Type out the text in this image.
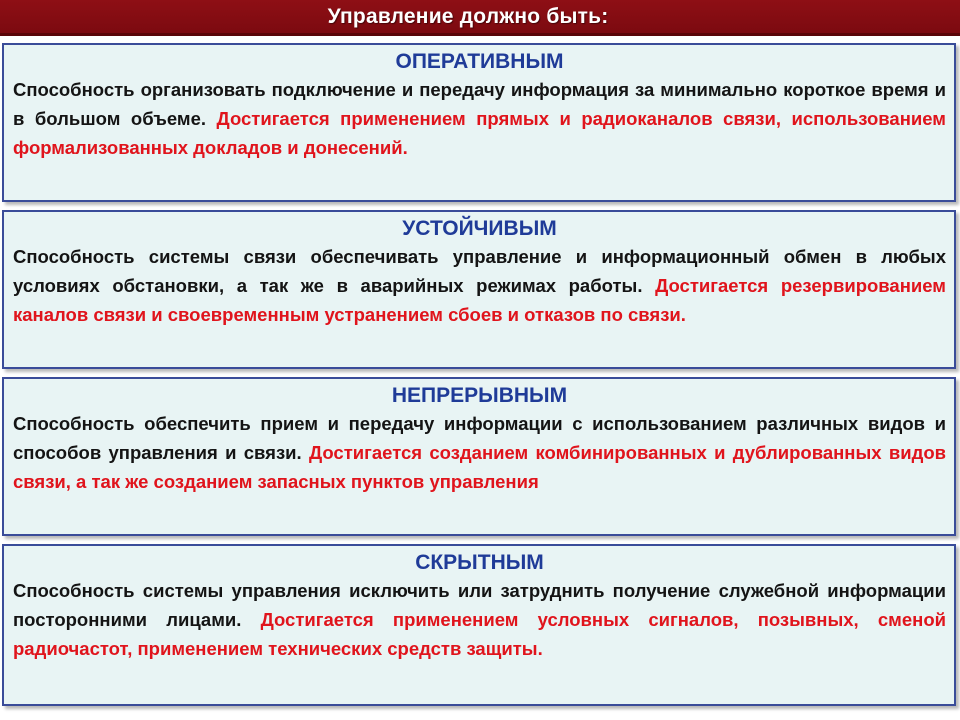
Управление должно быть:

ОПЕРАТИВНЫМ

Способность организовать подключение и передачу информация за минимально короткое время и в большом объеме. Достигается применением прямых и радиоканалов связи, использованием формализованных докладов и донесений.

УСТОЙЧИВЫМ

Способность системы связи обеспечивать управление и информационный обмен в любых условиях обстановки, а так же в аварийных режимах работы. Достигается резервированием каналов связи и своевременным устранением сбоев и отказов по связи.

НЕПРЕРЫВНЫМ

Способность обеспечить прием и передачу информации с использованием различных видов и способов управления и связи. Достигается созданием комбинированных и дублированных видов связи, а так же созданием запасных пунктов управления

СКРЫТНЫМ

Способность системы управления исключить или затруднить получение служебной информации посторонними лицами. Достигается применением условных сигналов, позывных, сменой радиочастот, применением технических средств защиты.
